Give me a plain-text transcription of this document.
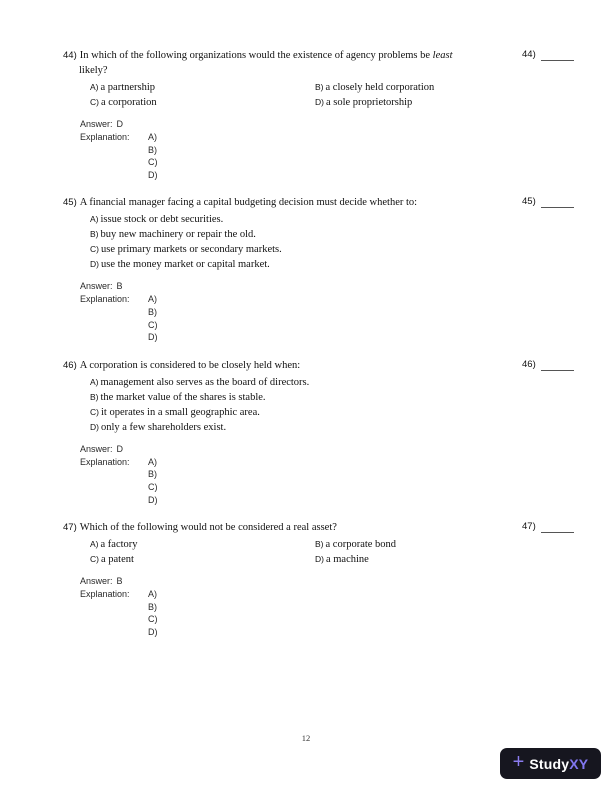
44) In which of the following organizations would the existence of agency problems be least
likely?
A) a partnership	B) a closely held corporation
C) a corporation	D) a sole proprietorship
Answer: D
Explanation:	A)
B)
C)
D)
44)
45) A financial manager facing a capital budgeting decision must decide whether to:
A) issue stock or debt securities.
B) buy new machinery or repair the old.
C) use primary markets or secondary markets.
D) use the money market or capital market.
Answer: B
Explanation:	A)
B)
C)
D)
45)
46) A corporation is considered to be closely held when:
A) management also serves as the board of directors.
B) the market value of the shares is stable.
C) it operates in a small geographic area.
D) only a few shareholders exist.
Answer: D
Explanation:	A)
B)
C)
D)
46)
47) Which of the following would not be considered a real asset?
A) a factory	B) a corporate bond
C) a patent	D) a machine
Answer: B
Explanation:	A)
B)
C)
D)
47)
12
+ Study XY
